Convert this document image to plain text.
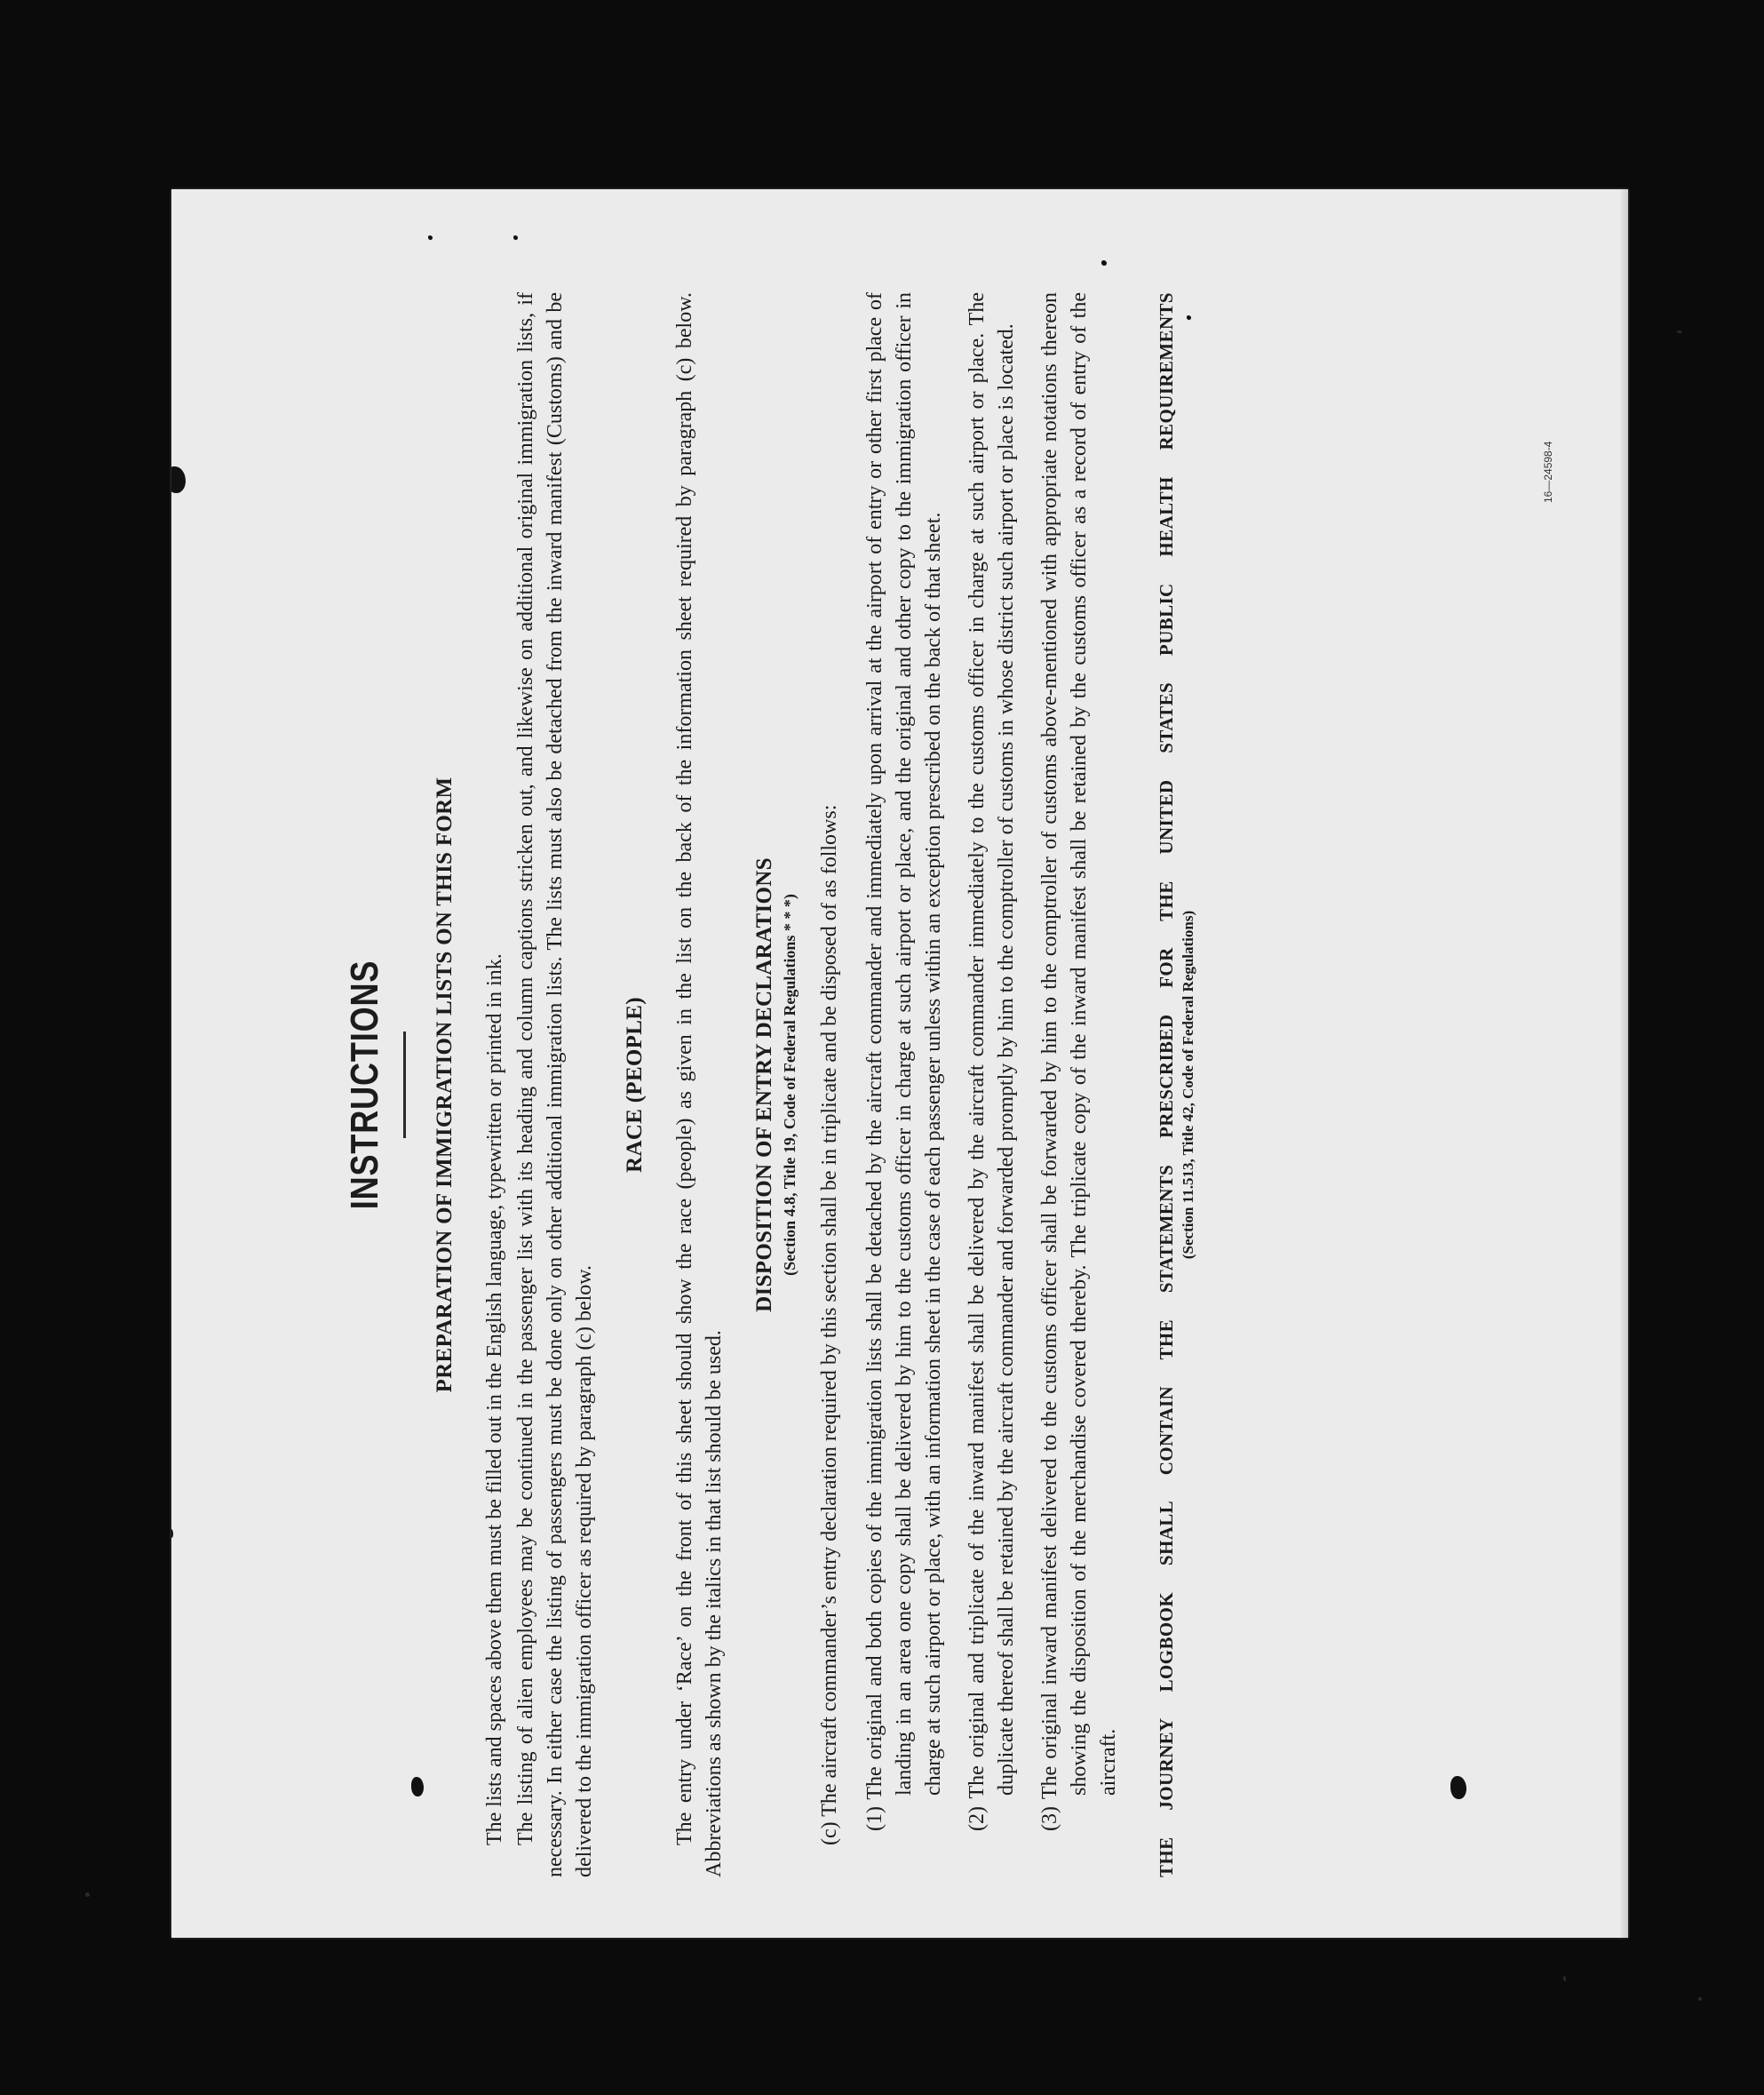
INSTRUCTIONS PREPARATION OF IMMIGRATION LISTS ON THIS FORM The lists and spaces above them must be filled out in the English language, typewritten or printed in ink. The listing of alien employees may be continued in the passenger list with its heading and column captions stricken out, and likewise on additional original immigration lists, if necessary. In either case the listing of passengers must be done only on other additional immigration lists. The lists must also be detached from the inward manifest (Customs) and be delivered to the immigration officer as required by paragraph (c) below.

RACE (PEOPLE) The entry under ‘Race’ on the front of this sheet should show the race (people) as given in the list on the back of the information sheet required by paragraph (c) below. Abbreviations as shown by the italics in that list should be used.

DISPOSITION OF ENTRY DECLARATIONS (Section 4.8, Title 19, Code of Federal Regulations * * *) (c) The aircraft commander’s entry declaration required by this section shall be in triplicate and be disposed of as follows: (1) The original and both copies of the immigration lists shall be detached by the aircraft commander and immediately upon arrival at the airport of entry or other first place of landing in an area one copy shall be delivered by him to the customs officer in charge at such airport or place, and the original and other copy to the immigration officer in charge at such airport or place, with an information sheet in the case of each passenger unless within an exception prescribed on the back of that sheet. (2) The original and triplicate of the inward manifest shall be delivered by the aircraft commander immediately to the customs officer in charge at such airport or place. The duplicate thereof shall be retained by the aircraft commander and forwarded promptly by him to the comptroller of customs in whose district such airport or place is located. (3) The original inward manifest delivered to the customs officer shall be forwarded by him to the comptroller of customs above-mentioned with appropriate notations thereon showing the disposition of the merchandise covered thereby. The triplicate copy of the inward manifest shall be retained by the customs officer as a record of entry of the aircraft. THE JOURNEY LOGBOOK SHALL CONTAIN THE STATEMENTS PRESCRIBED FOR THE UNITED STATES PUBLIC HEALTH REQUIREMENTS (Section 11.513, Title 42, Code of Federal Regulations)

16—24598-4
